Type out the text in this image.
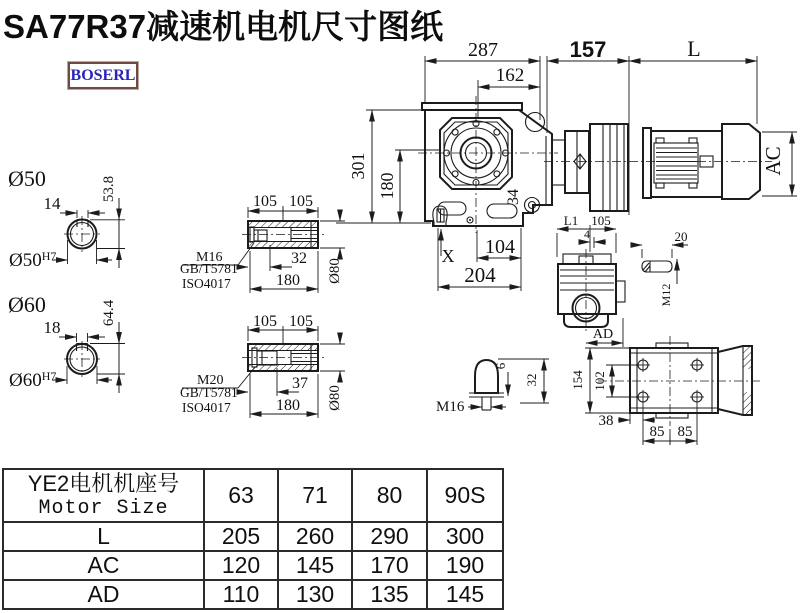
SA77R37减速机电机尺寸图纸
BOSERL
287
162
157	L
34
301
180
X 104
204
AC
Ø50
14
53.8
$Ø50^{H7}$
Ø60
18
64.4
$Ø60^{H7}$
105 105
M16
GB/T5781
ISO4017
32
180 Ø80
105 105
M20
GB/T5781
ISO4017
37
180 Ø80
L1 105
4
AD
20
M12
M16
6
32 154 102
38
85 85
YE2电机机座号
Motor Size	63	71	80	90S
L	205	260	290	300
AC	120	145	170	190
AD	110	130	135	145
